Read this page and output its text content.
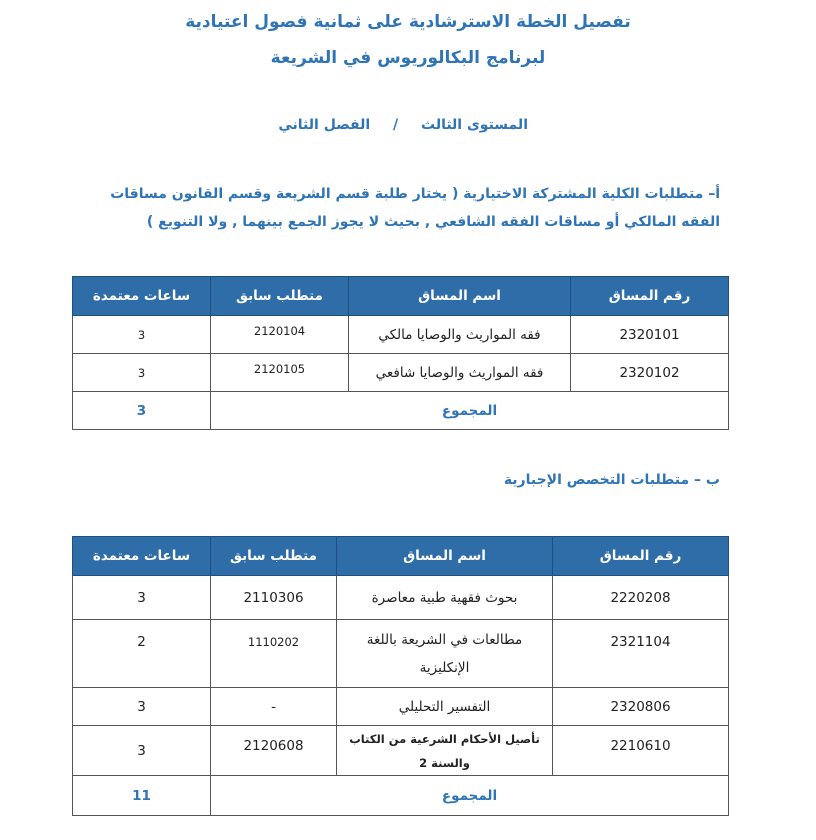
تفصيل الخطة الاسترشادية على ثمانية فصول اعتيادية
لبرنامج البكالوريوس في الشريعة
المستوى الثالث / الفصل الثاني
أ– متطلبات الكلية المشتركة الاختيارية ( يختار طلبة قسم الشريعة وقسم القانون مساقات الفقه المالكي أو مساقات الفقه الشافعي , بحيث لا يجوز الجمع بينهما , ولا التنويع )
رقم المساق	اسم المساق	متطلب سابق	ساعات معتمدة
2320101	فقه المواريث والوصايا مالكي	2120104	3
2320102	فقه المواريث والوصايا شافعي	2120105	3
المجموع			3
ب – متطلبات التخصص الإجبارية
رقم المساق	اسم المساق	متطلب سابق	ساعات معتمدة
2220208	بحوث فقهية طبية معاصرة	2110306	3
2321104	مطالعات في الشريعة باللغة الإنكليزية	1110202	2
2320806	التفسير التحليلي	-	3
2210610	تأصيل الأحكام الشرعية من الكتاب والسنة 2	2120608	3
المجموع			11
